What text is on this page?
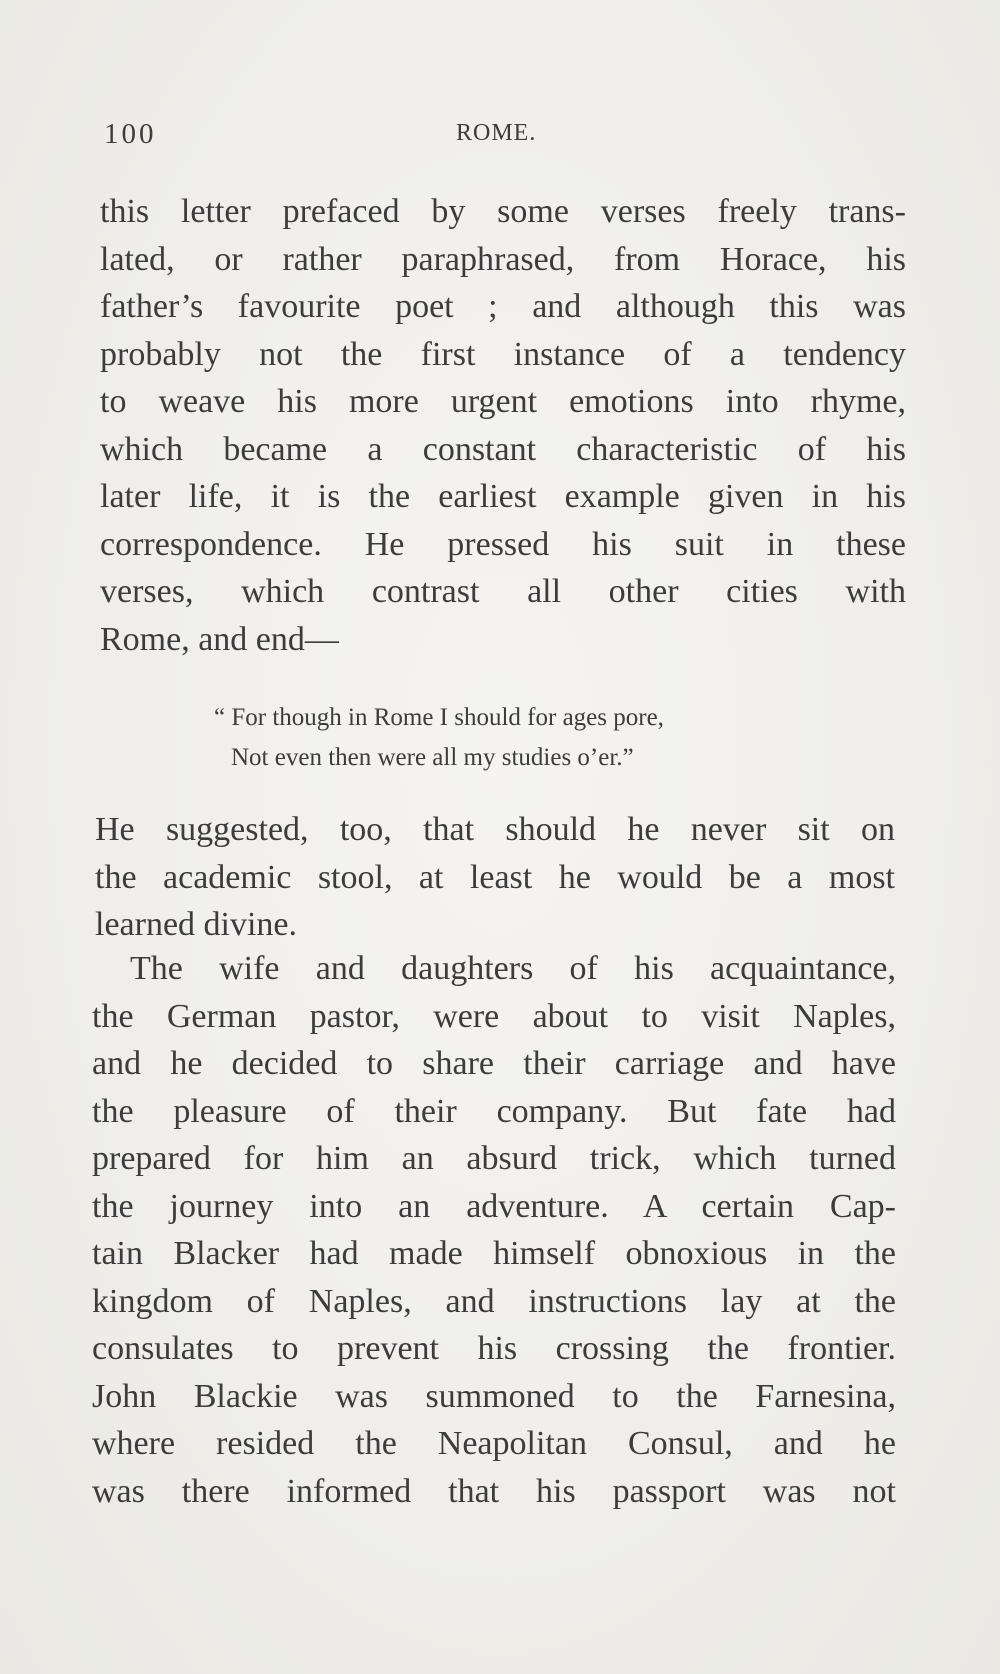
100	ROME.
this letter prefaced by some verses freely trans-
lated, or rather paraphrased, from Horace, his
father’s favourite poet ; and although this was
probably not the first instance of a tendency
to weave his more urgent emotions into rhyme,
which became a constant characteristic of his
later life, it is the earliest example given in his
correspondence. He pressed his suit in these
verses, which contrast all other cities with
Rome, and end—
“ For though in Rome I should for ages pore,
Not even then were all my studies o’er.”
He suggested, too, that should he never sit on
the academic stool, at least he would be a most
learned divine.
The wife and daughters of his acquaintance,
the German pastor, were about to visit Naples,
and he decided to share their carriage and have
the pleasure of their company. But fate had
prepared for him an absurd trick, which turned
the journey into an adventure. A certain Cap-
tain Blacker had made himself obnoxious in the
kingdom of Naples, and instructions lay at the
consulates to prevent his crossing the frontier.
John Blackie was summoned to the Farnesina,
where resided the Neapolitan Consul, and he
was there informed that his passport was not
